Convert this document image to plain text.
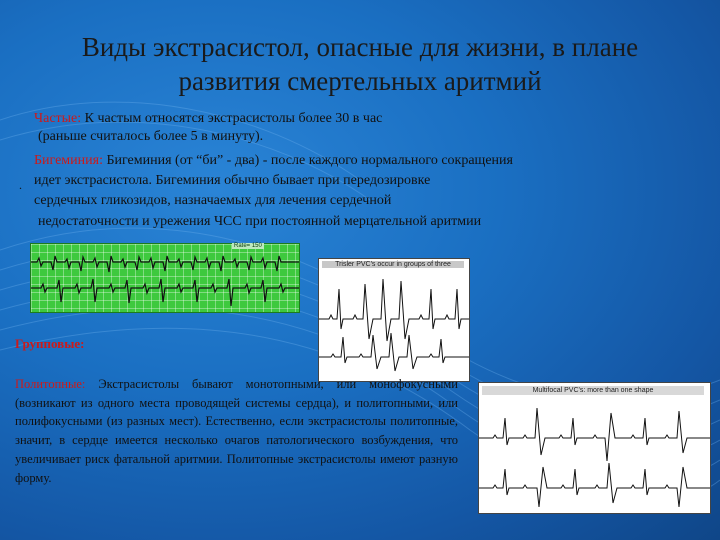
Виды экстрасистол, опасные для жизни, в плане развития смертельных аритмий
Частые: К частым относятся экстрасистолы более 30 в час
(раньше считалось более 5 в минуту).
Бигеминия: Бигеминия (от “би” - два) - после каждого нормального сокращения
. идет экстрасистола. Бигеминия обычно бывает при передозировке
сердечных гликозидов, назначаемых для лечения сердечной
недостаточности и урежения ЧСС при постоянной мерцательной аритмии
Rate= 150
Trisler PVC's occur in groups of three
Групповые:
Политопные: Экстрасистолы бывают монотопными, или монофокусными (возникают из одного места проводящей системы сердца), и политопными, или полифокусными (из разных мест). Естественно, если экстрасистолы политопные, значит, в сердце имеется несколько очагов патологического возбуждения, что увеличивает риск фатальной аритмии. Политопные экстрасистолы имеют разную форму.
Multifocal PVC's: more than one shape
